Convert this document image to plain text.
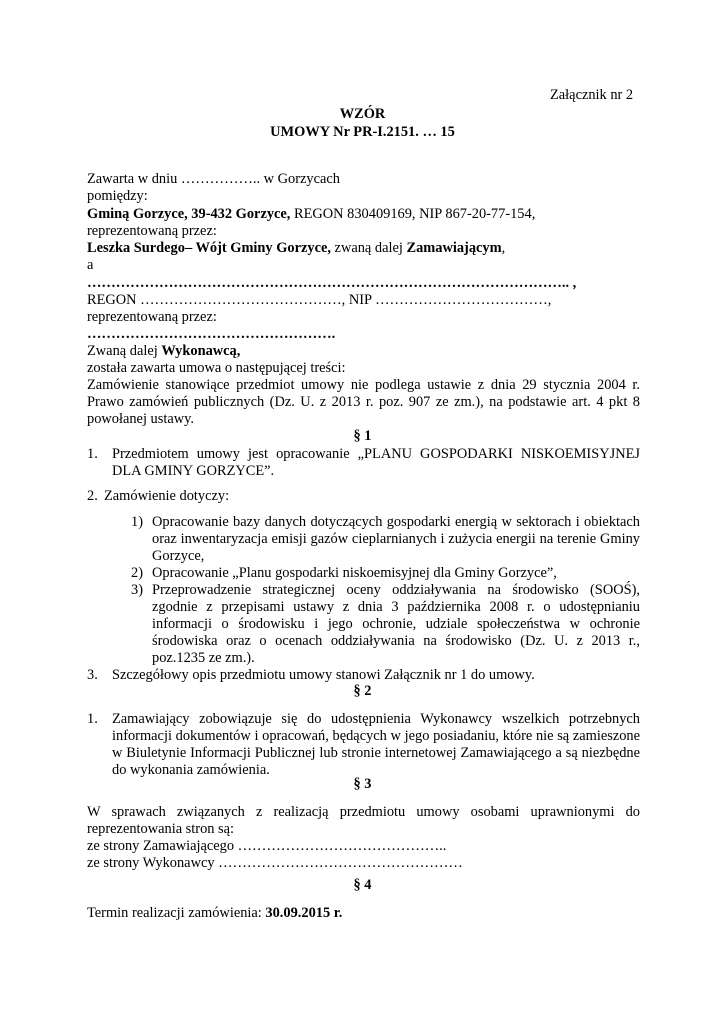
Załącznik nr 2
WZÓR
UMOWY Nr PR-I.2151. … 15
Zawarta w dniu …………….. w Gorzycach
pomiędzy:
Gminą Gorzyce, 39-432 Gorzyce, REGON 830409169, NIP 867-20-77-154,
reprezentowaną przez:
Leszka Surdego– Wójt Gminy Gorzyce, zwaną dalej Zamawiającym,
a
……………………………………………………………………………………….. ,
REGON ……………………………………, NIP ………………………………,
reprezentowaną przez:
…………………………………………….
Zwaną dalej Wykonawcą,
została zawarta umowa o następującej treści:
Zamówienie stanowiące przedmiot umowy nie podlega ustawie z dnia 29 stycznia 2004 r.
Prawo zamówień publicznych (Dz. U. z 2013 r. poz. 907 ze zm.), na podstawie art. 4 pkt 8
powołanej ustawy.
§ 1
1. Przedmiotem umowy jest opracowanie „PLANU GOSPODARKI NISKOEMISYJNEJ
DLA GMINY GORZYCE”.
2. Zamówienie dotyczy:
1) Opracowanie bazy danych dotyczących gospodarki energią w sektorach i obiektach
oraz inwentaryzacja emisji gazów cieplarnianych i zużycia energii na terenie Gminy
Gorzyce,
2) Opracowanie „Planu gospodarki niskoemisyjnej dla Gminy Gorzyce”,
3) Przeprowadzenie strategicznej oceny oddziaływania na środowisko (SOOŚ),
zgodnie z przepisami ustawy z dnia 3 października 2008 r. o udostępnianiu
informacji o środowisku i jego ochronie, udziale społeczeństwa w ochronie
środowiska oraz o ocenach oddziaływania na środowisko (Dz. U. z 2013 r.,
poz.1235 ze zm.).
3. Szczegółowy opis przedmiotu umowy stanowi Załącznik nr 1 do umowy.
§ 2
1. Zamawiający zobowiązuje się do udostępnienia Wykonawcy wszelkich potrzebnych
informacji dokumentów i opracowań, będących w jego posiadaniu, które nie są zamieszone
w Biuletynie Informacji Publicznej lub stronie internetowej Zamawiającego a są niezbędne
do wykonania zamówienia.
§ 3
W sprawach związanych z realizacją przedmiotu umowy osobami uprawnionymi do
reprezentowania stron są:
ze strony Zamawiającego ……………………………………..
ze strony Wykonawcy ……………………………………………
§ 4
Termin realizacji zamówienia: 30.09.2015 r.
